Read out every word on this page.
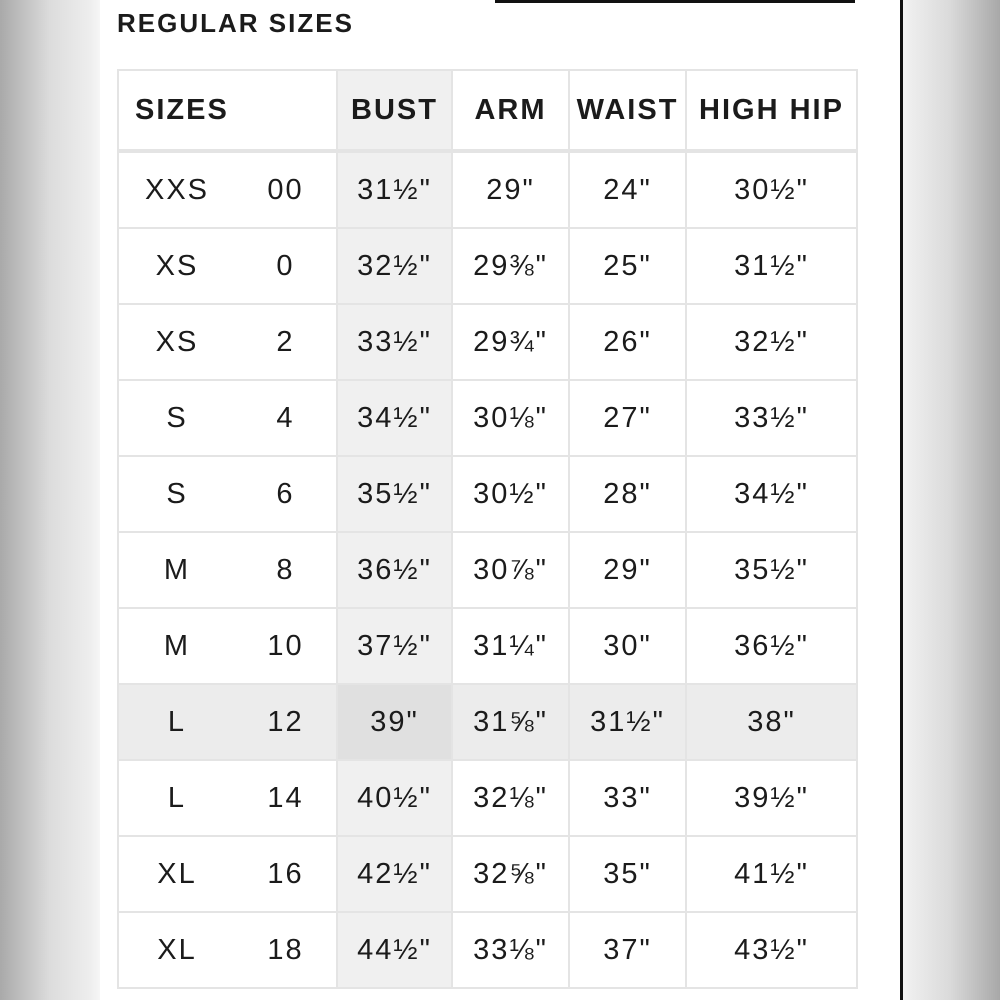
REGULAR SIZES
SIZES		BUST	ARM	WAIST	HIGH HIP
XXS	00	31½"	29"	24"	30½"
XS	0	32½"	29⅜"	25"	31½"
XS	2	33½"	29¾"	26"	32½"
S	4	34½"	30⅛"	27"	33½"
S	6	35½"	30½"	28"	34½"
M	8	36½"	30⅞"	29"	35½"
M	10	37½"	31¼"	30"	36½"
L	12	39"	31⅝"	31½"	38"
L	14	40½"	32⅛"	33"	39½"
XL	16	42½"	32⅝"	35"	41½"
XL	18	44½"	33⅛"	37"	43½"
